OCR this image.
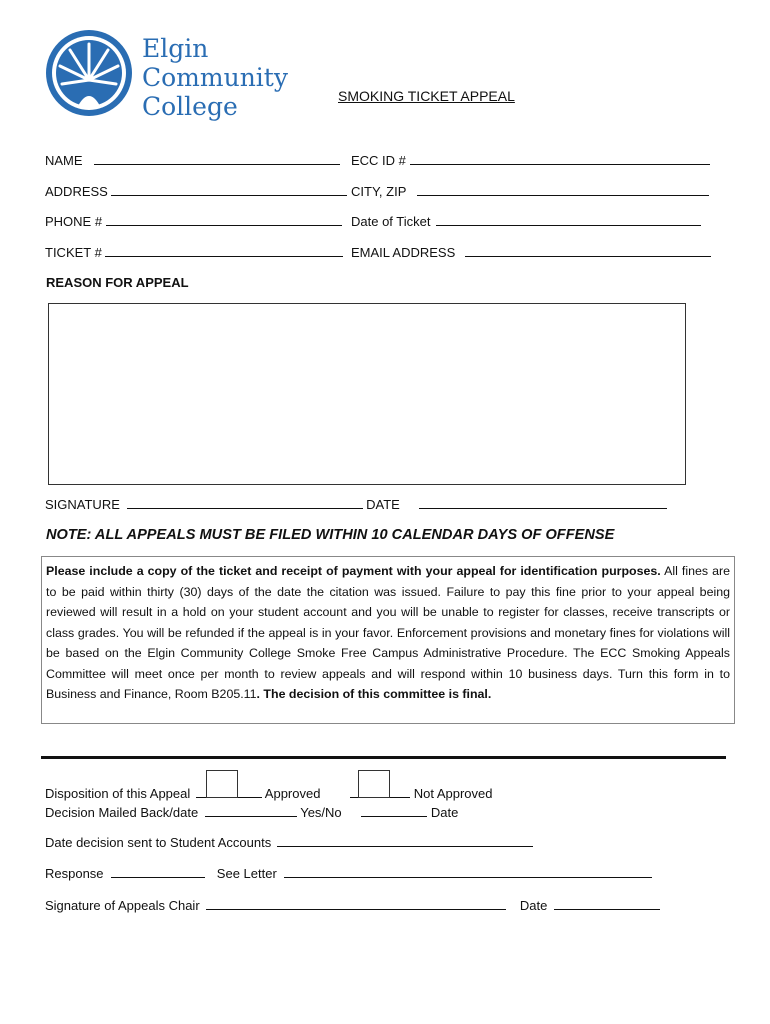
Elgin
Community
College	SMOKING TICKET APPEAL
NAME	ECC ID #
ADDRESS	CITY, ZIP
PHONE #	Date of Ticket
TICKET #	EMAIL ADDRESS
REASON FOR APPEAL
SIGNATURE	DATE
NOTE: ALL APPEALS MUST BE FILED WITHIN 10 CALENDAR DAYS OF OFFENSE
Please include a copy of the ticket and receipt of payment with your appeal for identification purposes. All fines are to be paid within thirty (30) days of the date the citation was issued. Failure to pay this fine prior to your appeal being reviewed will result in a hold on your student account and you will be unable to register for classes, receive transcripts or class grades. You will be refunded if the appeal is in your favor. Enforcement provisions and monetary fines for violations will be based on the Elgin Community College Smoke Free Campus Administrative Procedure. The ECC Smoking Appeals Committee will meet once per month to review appeals and will respond within 10 business days. Turn this form in to Business and Finance, Room B205.11. The decision of this committee is final.
Disposition of this Appeal	Approved	Not Approved
Decision Mailed Back/date	Yes/No	Date
Date decision sent to Student Accounts
Response	See Letter
Signature of Appeals Chair	Date
